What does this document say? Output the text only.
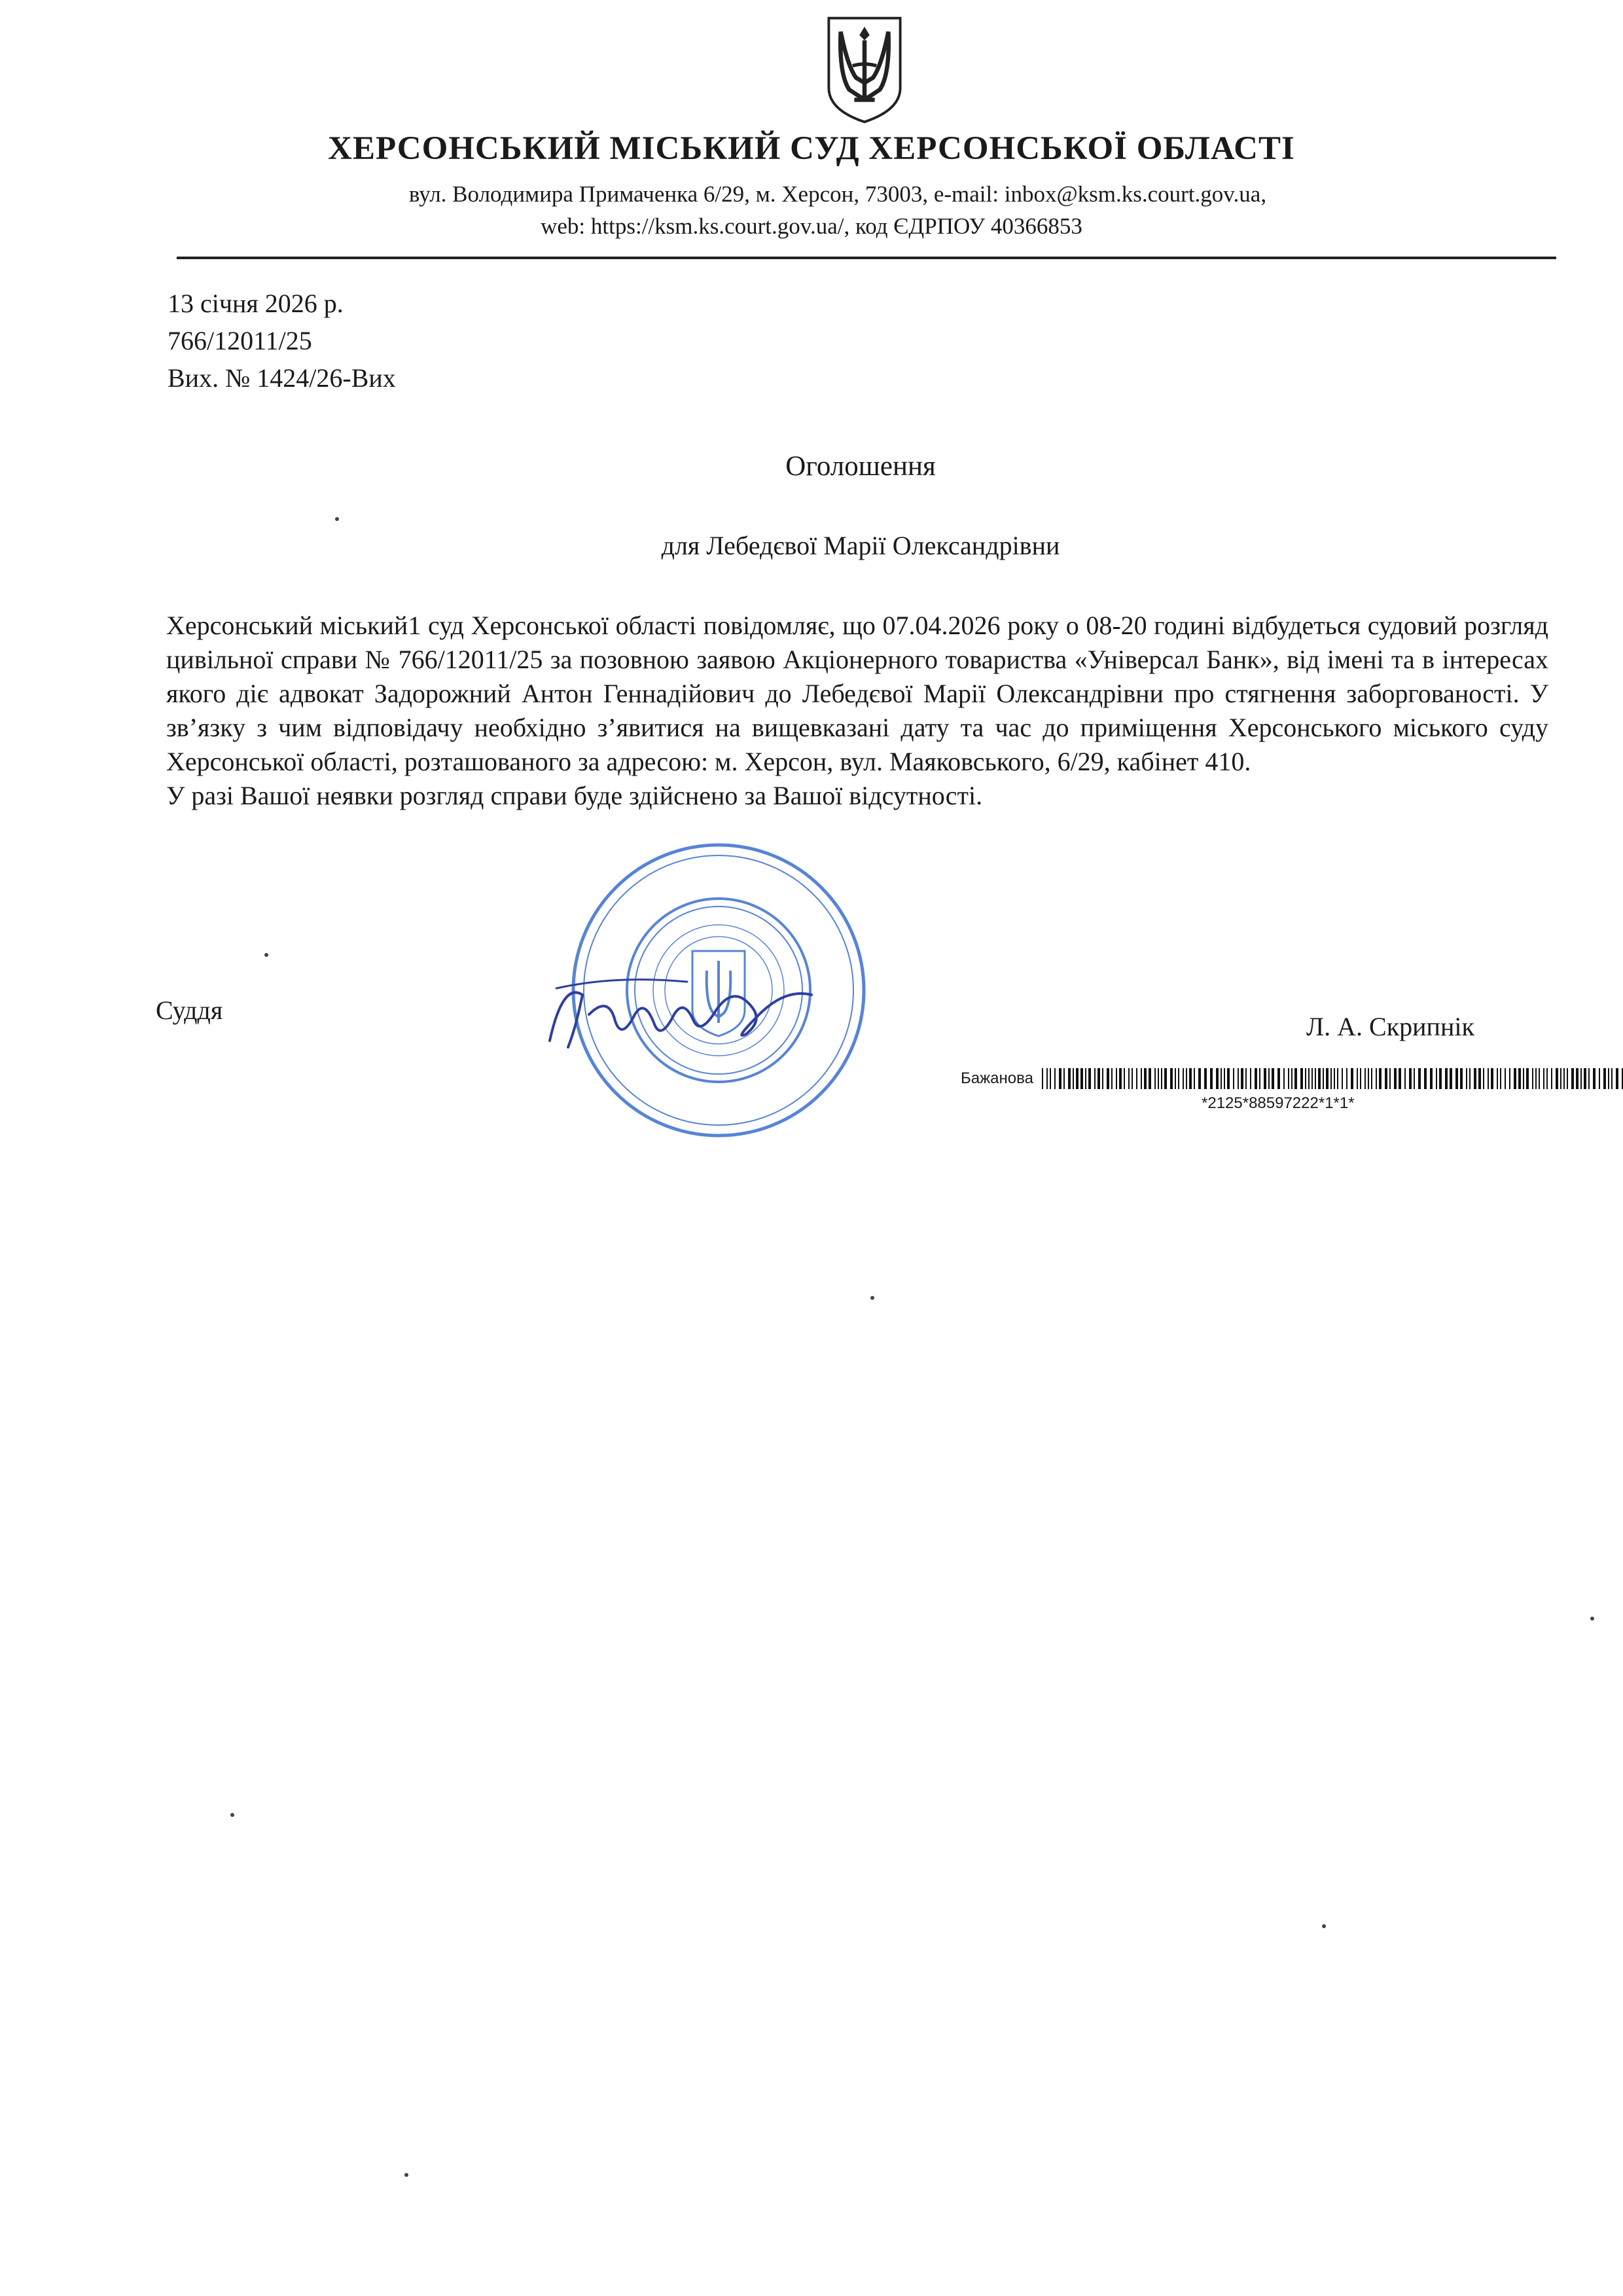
ХЕРСОНСЬКИЙ МІСЬКИЙ СУД ХЕРСОНСЬКОЇ ОБЛАСТІ
вул. Володимира Примаченка 6/29, м. Херсон, 73003, e-mail: inbox@ksm.ks.court.gov.ua,
web: https://ksm.ks.court.gov.ua/, код ЄДРПОУ 40366853
13 січня 2026 р.
766/12011/25
Вих. № 1424/26-Вих
Оголошення
для Лебедєвої Марії Олександрівни

Херсонський міський1 суд Херсонської області повідомляє, що 07.04.2026 року о 08-20 годині відбудеться судовий розгляд цивільної справи № 766/12011/25 за позовною заявою Акціонерного товариства «Універсал Банк», від імені та в інтересах якого діє адвокат Задорожний Антон Геннадійович до Лебедєвої Марії Олександрівни про стягнення заборгованості. У зв’язку з чим відповідачу необхідно з’явитися на вищевказані дату та час до приміщення Херсонського міського суду Херсонської області, розташованого за адресою: м. Херсон, вул. Маяковського, 6/29, кабінет 410.

У разі Вашої неявки розгляд справи буде здійснено за Вашої відсутності.

Суддя
Л. А. Скрипнік
Бажанова
*2125*88597222*1*1*
